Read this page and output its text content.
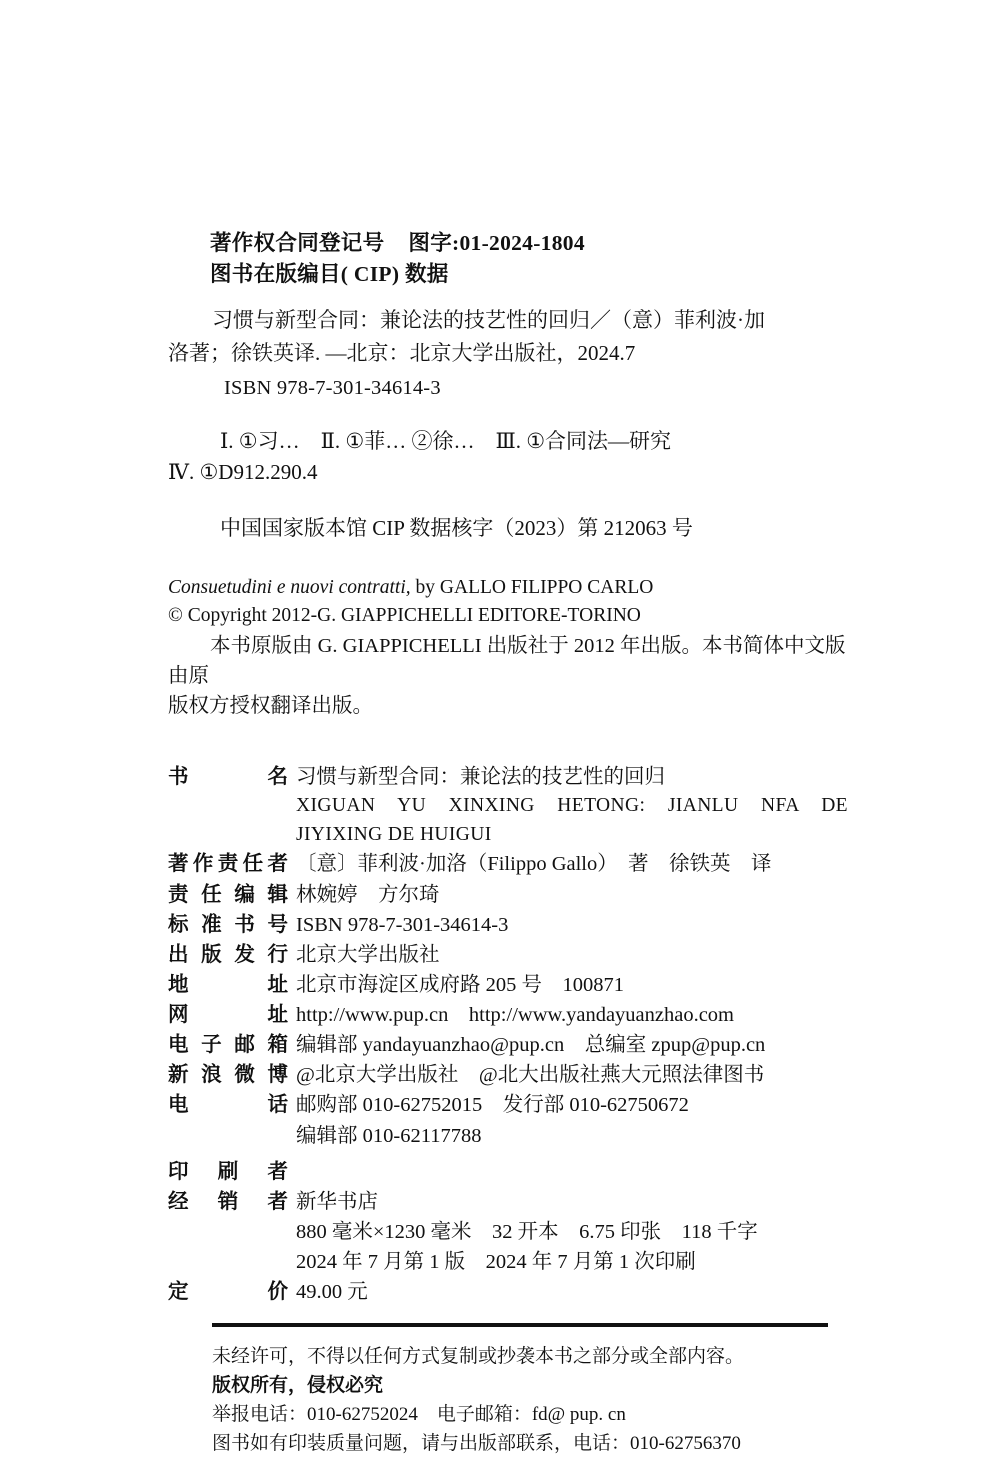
著作权合同登记号 图字:01-2024-1804
图书在版编目( CIP) 数据
习惯与新型合同：兼论法的技艺性的回归／（意）菲利波·加
洛著；徐铁英译. —北京：北京大学出版社，2024.7
ISBN 978-7-301-34614-3
Ⅰ. ①习…　Ⅱ. ①菲… ②徐…　Ⅲ. ①合同法—研究
Ⅳ. ①D912.290.4
中国国家版本馆 CIP 数据核字（2023）第 212063 号
Consuetudini e nuovi contratti, by GALLO FILIPPO CARLO
© Copyright 2012-G. GIAPPICHELLI EDITORE-TORINO
本书原版由 G. GIAPPICHELLI 出版社于 2012 年出版。本书简体中文版由原
版权方授权翻译出版。
书	名 习惯与新型合同：兼论法的技艺性的回归
XIGUAN YU XINXING HETONG: JIANLU NFA DE
JIYIXING DE HUIGUI
著 作 责 任 者 〔意〕菲利波·加洛（Filippo Gallo）　著　徐铁英　译
责 任 编 辑 林婉婷　方尔琦
标 准 书 号 ISBN 978-7-301-34614-3
出 版 发 行 北京大学出版社
地	址 北京市海淀区成府路 205 号　100871
网	址 http://www.pup.cn　http://www.yandayuanzhao.com
电 子 邮 箱 编辑部 yandayuanzhao@pup.cn　总编室 zpup@pup.cn
新 浪 微 博 @北京大学出版社　@北大出版社燕大元照法律图书
电	话 邮购部 010-62752015　发行部 010-62750672
编辑部 010-62117788
印 刷 者

经 销 者 新华书店
880 毫米×1230 毫米　32 开本　6.75 印张　118 千字
2024 年 7 月第 1 版　2024 年 7 月第 1 次印刷
定	价 49.00 元
未经许可，不得以任何方式复制或抄袭本书之部分或全部内容。
版权所有，侵权必究
举报电话：010-62752024　电子邮箱：fd@ pup. cn
图书如有印装质量问题，请与出版部联系，电话：010-62756370
